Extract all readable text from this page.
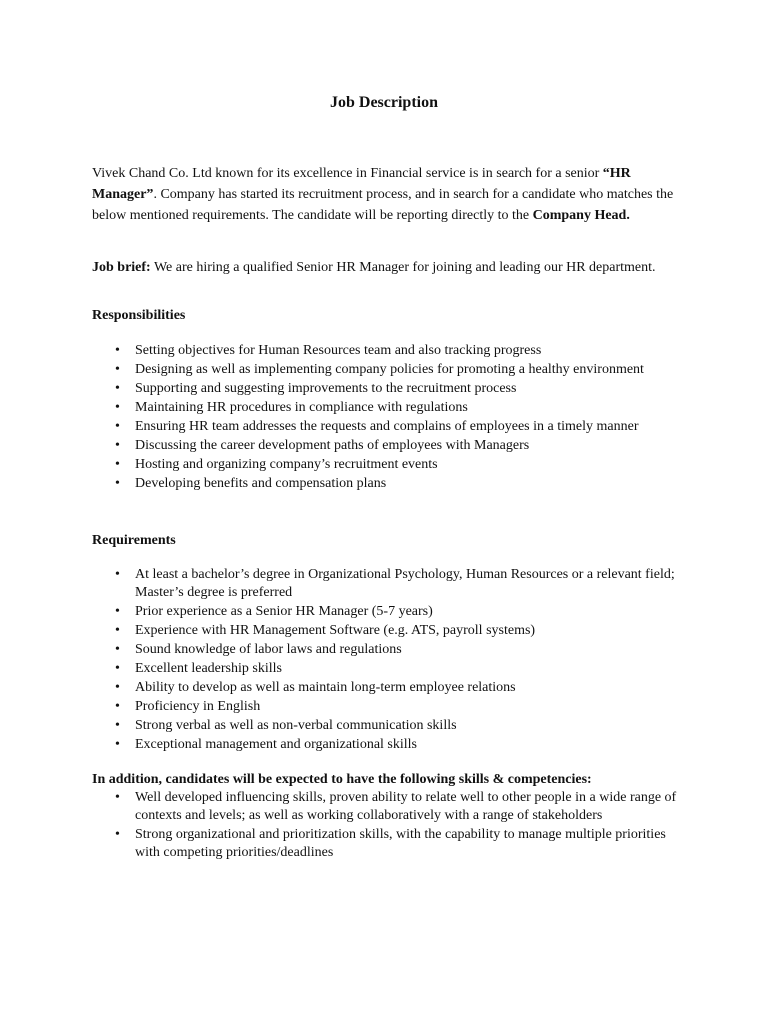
Job Description

Vivek Chand Co. Ltd known for its excellence in Financial service is in search for a senior “HR Manager”. Company has started its recruitment process, and in search for a candidate who matches the below mentioned requirements. The candidate will be reporting directly to the Company Head.

Job brief: We are hiring a qualified Senior HR Manager for joining and leading our HR department.

Responsibilities
• Setting objectives for Human Resources team and also tracking progress
• Designing as well as implementing company policies for promoting a healthy environment
• Supporting and suggesting improvements to the recruitment process
• Maintaining HR procedures in compliance with regulations
• Ensuring HR team addresses the requests and complains of employees in a timely manner
• Discussing the career development paths of employees with Managers
• Hosting and organizing company’s recruitment events
• Developing benefits and compensation plans
Requirements
• At least a bachelor’s degree in Organizational Psychology, Human Resources or a relevant field; Master’s degree is preferred
• Prior experience as a Senior HR Manager (5-7 years)
• Experience with HR Management Software (e.g. ATS, payroll systems)
• Sound knowledge of labor laws and regulations
• Excellent leadership skills
• Ability to develop as well as maintain long-term employee relations
• Proficiency in English
• Strong verbal as well as non-verbal communication skills
• Exceptional management and organizational skills
In addition, candidates will be expected to have the following skills & competencies:
• Well developed influencing skills, proven ability to relate well to other people in a wide range of contexts and levels; as well as working collaboratively with a range of stakeholders
• Strong organizational and prioritization skills, with the capability to manage multiple priorities with competing priorities/deadlines
